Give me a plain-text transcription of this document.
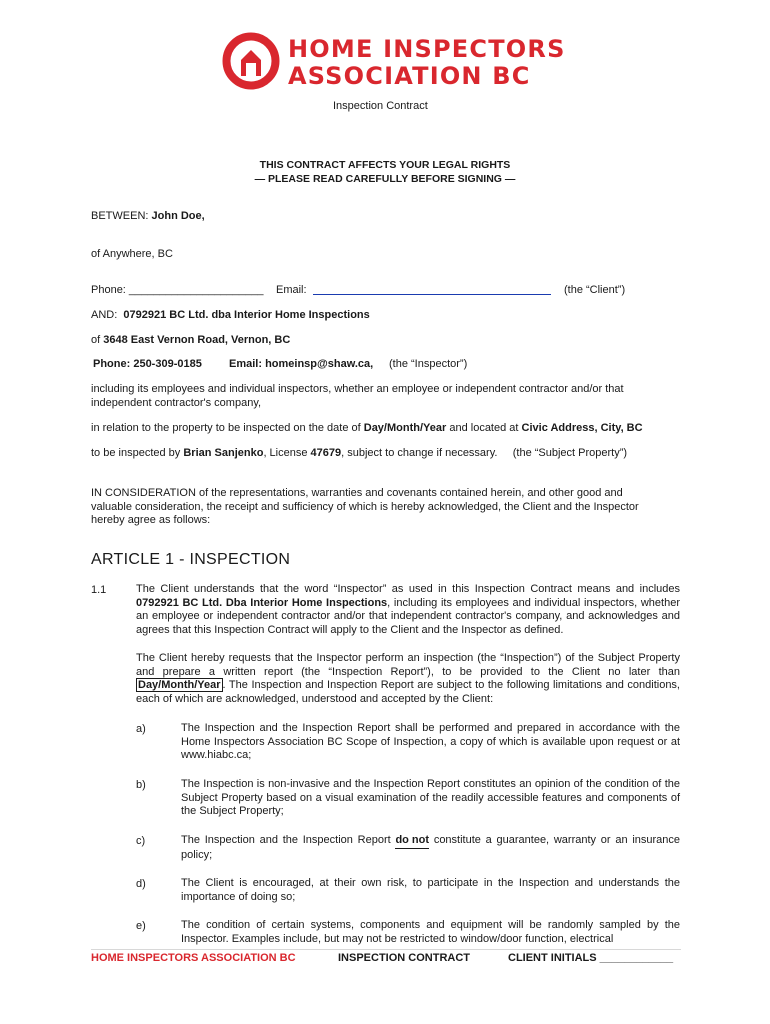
HOME INSPECTORS
ASSOCIATION BC
Inspection Contract
THIS CONTRACT AFFECTS YOUR LEGAL RIGHTS
— PLEASE READ CAREFULLY BEFORE SIGNING —
BETWEEN: John Doe,
of Anywhere, BC
Phone: ______________________ Email:	(the “Client”)
AND: 0792921 BC Ltd. dba Interior Home Inspections
of 3648 East Vernon Road, Vernon, BC
Phone: 250-309-0185 Email: homeinsp@shaw.ca, (the “Inspector”)
including its employees and individual inspectors, whether an employee or independent contractor and/or that independent contractor's company,
in relation to the property to be inspected on the date of Day/Month/Year and located at Civic Address, City, BC
to be inspected by Brian Sanjenko, License 47679, subject to change if necessary. (the “Subject Property”)
IN CONSIDERATION of the representations, warranties and covenants contained herein, and other good and valuable consideration, the receipt and sufficiency of which is hereby acknowledged, the Client and the Inspector hereby agree as follows:
ARTICLE 1 - INSPECTION
1.1	The Client understands that the word “Inspector” as used in this Inspection Contract means and includes 0792921 BC Ltd. Dba Interior Home Inspections, including its employees and individual inspectors, whether an employee or independent contractor and/or that independent contractor's company, and acknowledges and agrees that this Inspection Contract will apply to the Client and the Inspector as defined.
The Client hereby requests that the Inspector perform an inspection (the “Inspection”) of the Subject Property and prepare a written report (the “Inspection Report”), to be provided to the Client no later than Day/Month/Year . The Inspection and Inspection Report are subject to the following limitations and conditions, each of which are acknowledged, understood and accepted by the Client:
a)	The Inspection and the Inspection Report shall be performed and prepared in accordance with the Home Inspectors Association BC Scope of Inspection, a copy of which is available upon request or at www.hiabc.ca;
b)	The Inspection is non-invasive and the Inspection Report constitutes an opinion of the condition of the Subject Property based on a visual examination of the readily accessible features and components of the Subject Property;
c)	The Inspection and the Inspection Report do not constitute a guarantee, warranty or an insurance policy;
d)	The Client is encouraged, at their own risk, to participate in the Inspection and understands the importance of doing so;
e)	The condition of certain systems, components and equipment will be randomly sampled by the Inspector. Examples include, but may not be restricted to window/door function, electrical
HOME INSPECTORS ASSOCIATION BC	INSPECTION CONTRACT	CLIENT INITIALS ____________
